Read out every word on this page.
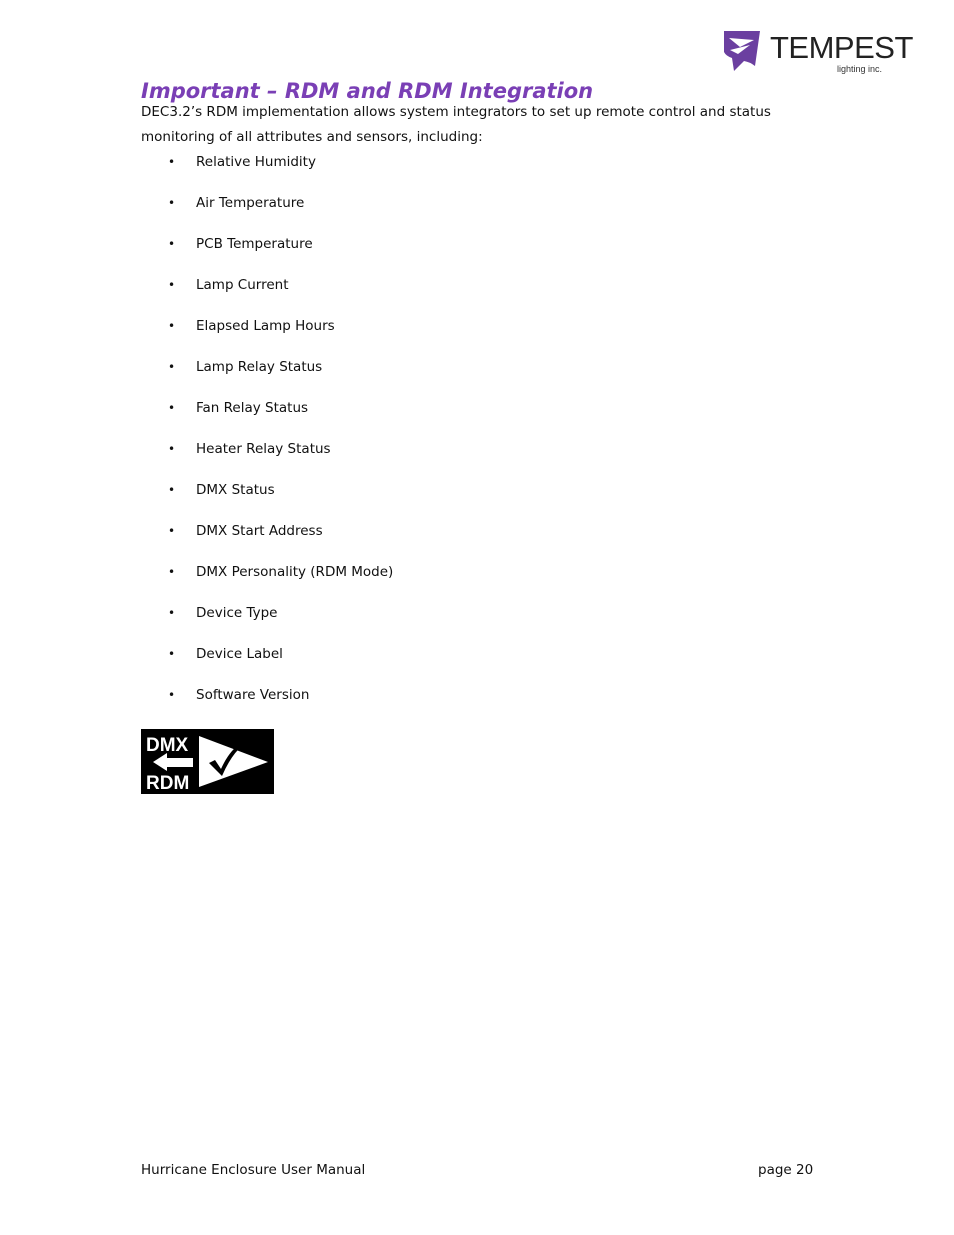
TEMPEST
lighting inc.
Important – RDM and RDM Integration

DEC3.2’s RDM implementation allows system integrators to set up remote control and status monitoring of all attributes and sensors, including:

• Relative Humidity
• Air Temperature
• PCB Temperature
• Lamp Current
• Elapsed Lamp Hours
• Lamp Relay Status
• Fan Relay Status
• Heater Relay Status
• DMX Status
• DMX Start Address
• DMX Personality (RDM Mode)
• Device Type
• Device Label
• Software Version
DMX
RDM
Hurricane Enclosure User Manual	page 20
